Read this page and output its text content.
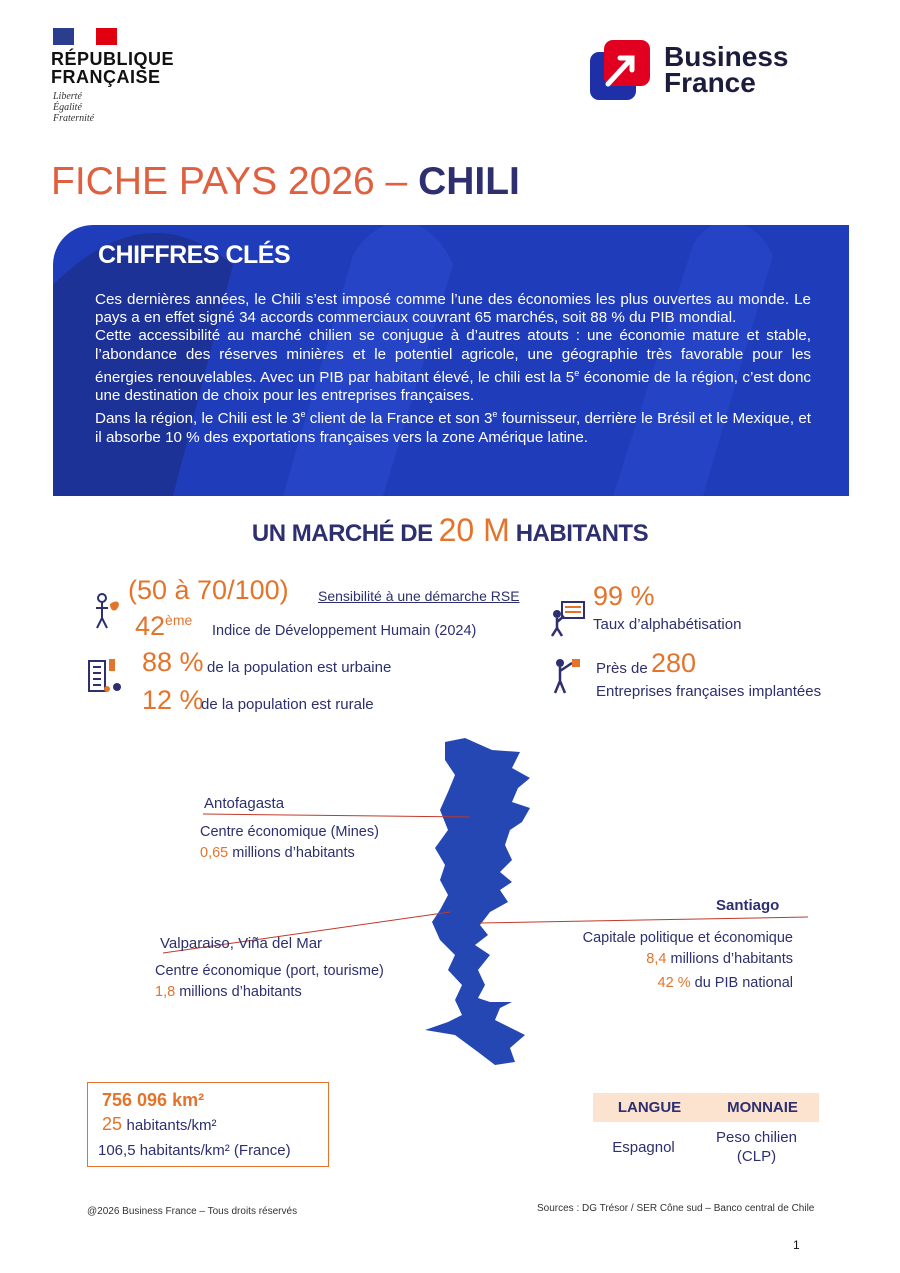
RÉPUBLIQUE
FRANÇAISE
Liberté
Égalité
Fraternité
Business
France
FICHE PAYS 2026 – CHILI
CHIFFRES CLÉS

Ces dernières années, le Chili s’est imposé comme l’une des économies les plus ouvertes au monde. Le pays a en effet signé 34 accords commerciaux couvrant 65 marchés, soit 88 % du PIB mondial.

Cette accessibilité au marché chilien se conjugue à d’autres atouts : une économie mature et stable, l’abondance des réserves minières et le potentiel agricole, une géographie très favorable pour les énergies renouvelables. Avec un PIB par habitant élevé, le chili est la 5e économie de la région, c’est donc une destination de choix pour les entreprises françaises.

Dans la région, le Chili est le 3e client de la France et son 3e fournisseur, derrière le Brésil et le Mexique, et il absorbe 10 % des exportations françaises vers la zone Amérique latine.

UN MARCHÉ DE 20 M HABITANTS
(50 à 70/100) Sensibilité à une démarche RSE
42ème
Indice de Développement Humain (2024)
88 % de la population est urbaine
12 %
de la population est rurale
99 %
Taux d’alphabétisation
Près de 280
Entreprises françaises implantées
Antofagasta
Centre économique (Mines)
0,65 millions d’habitants
Valparaiso, Viña del Mar
Centre économique (port, tourisme)
1,8 millions d’habitants
Santiago
Capitale politique et économique
8,4 millions d’habitants
42 % du PIB national
756 096 km²
25 habitants/km²
106,5 habitants/km² (France)
LANGUE	MONNAIE
Espagnol
Peso chilien (CLP)
@2026 Business France – Tous droits réservés	Sources : DG Trésor / SER Cône sud – Banco central de Chile
1
